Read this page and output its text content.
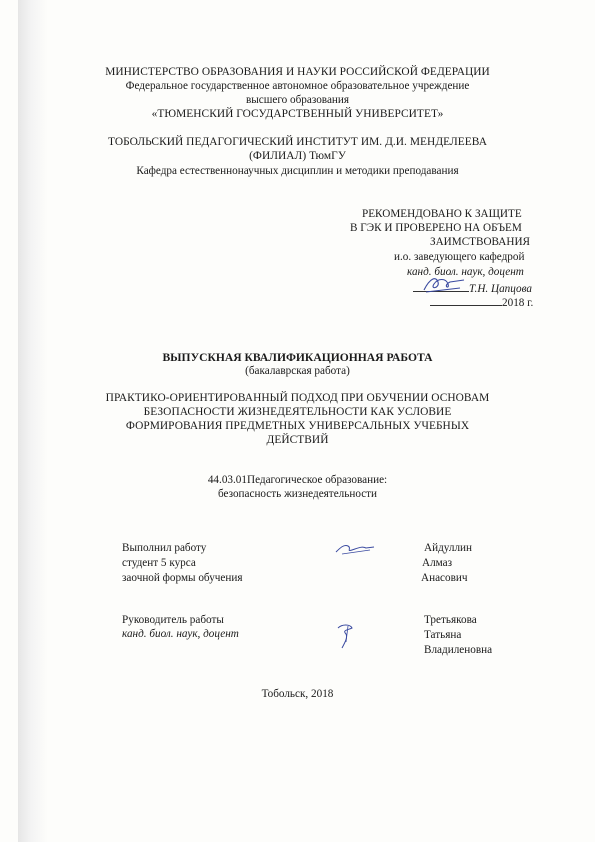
МИНИСТЕРСТВО ОБРАЗОВАНИЯ И НАУКИ РОССИЙСКОЙ ФЕДЕРАЦИИ
Федеральное государственное автономное образовательное учреждение
высшего образования
«ТЮМЕНСКИЙ ГОСУДАРСТВЕННЫЙ УНИВЕРСИТЕТ»
ТОБОЛЬСКИЙ ПЕДАГОГИЧЕСКИЙ ИНСТИТУТ ИМ. Д.И. МЕНДЕЛЕЕВА
(ФИЛИАЛ) ТюмГУ
Кафедра естественнонаучных дисциплин и методики преподавания
РЕКОМЕНДОВАНО К ЗАЩИТЕ
В ГЭК И ПРОВЕРЕНО НА ОБЪЕМ
ЗАИМСТВОВАНИЯ
и.о. заведующего кафедрой
канд. биол. наук, доцент
Т.Н. Цапцова
2018 г.
ВЫПУСКНАЯ КВАЛИФИКАЦИОННАЯ РАБОТА
(бакалаврская работа)
ПРАКТИКО-ОРИЕНТИРОВАННЫЙ ПОДХОД ПРИ ОБУЧЕНИИ ОСНОВАМ
БЕЗОПАСНОСТИ ЖИЗНЕДЕЯТЕЛЬНОСТИ КАК УСЛОВИЕ
ФОРМИРОВАНИЯ ПРЕДМЕТНЫХ УНИВЕРСАЛЬНЫХ УЧЕБНЫХ
ДЕЙСТВИЙ
44.03.01Педагогическое образование:
безопасность жизнедеятельности
Выполнил работу
студент 5 курса
заочной формы обучения
Айдуллин
Алмаз
Анасович
Руководитель работы
канд. биол. наук, доцент
Третьякова
Татьяна
Владиленовна
Тобольск, 2018
